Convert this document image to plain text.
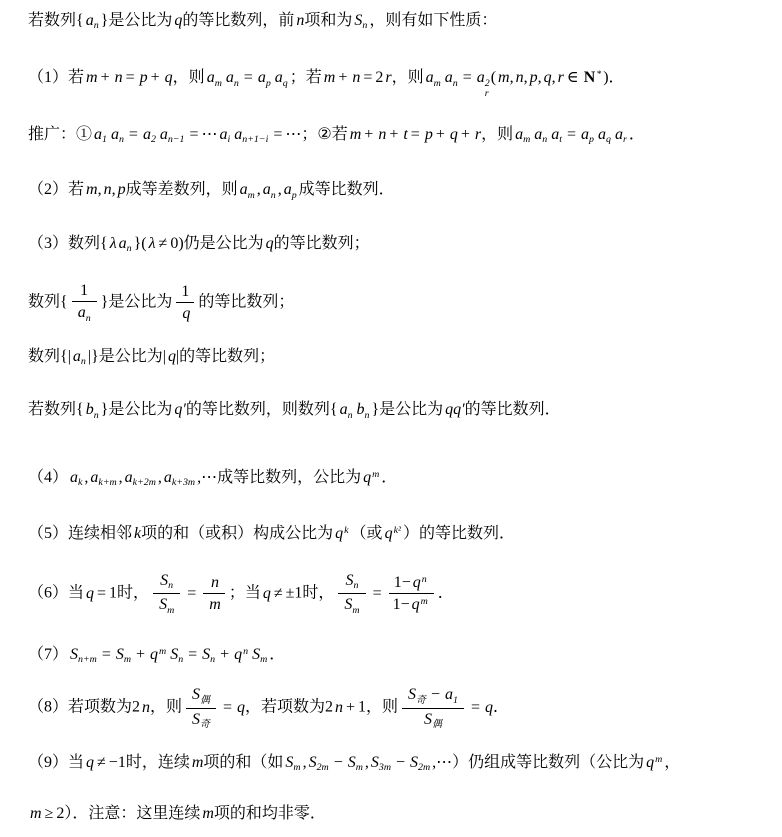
若数列{ $a_n$ }是公比为 q的等比数列，前 n项和为 $S_n$ ，则有如下性质：
（1）若 m + n = p + q，则 $a_m$ $a_n = a_p$ $a_q$ ；若 m + n = 2 r，则 $a_m$ $a_n = a$ 2
r
( m, n, p, q, r ∈ N* )．
推广：① $a_1$ $a_n = a_2$ $a_{n-1}$ = ⋯ $a_i$ $a_{n+1-i}$ = ⋯；②若 m + n + t = p + q + r，则 $a_m$ $a_n$ $a_t = a_p$ $a_q$ $a_r$ ．
（2）若 m, n, p成等差数列，则 $a_m$ , $a_n$ , $a_p$ 成等比数列．
（3）数列{ λ $a_n$ }( λ ≠ 0)仍是公比为 q的等比数列；
数列{ $\frac{1}{a_n}$ }是公比为 $\frac{1}{q}$ 的等比数列；
数列{| $a_n$ |}是公比为| q|的等比数列；
若数列{ $b_n$ }是公比为 q′的等比数列，则数列{ $a_n$ $b_n$ }是公比为 qq′的等比数列．
（4） $a_k$ , $a_{k+m}$ , $a_{k+2m}$ , $a_{k+3m}$ ,⋯成等比数列，公比为 $q^m$ ．
（5）连续相邻 k项的和（或积）构成公比为 $q^k$ （或 $q^{k^2}$ ）的等比数列．
（6）当 q = 1时， $\frac{S_n}{S_m} = \frac{n}{m}$ ；当 q ≠ ±1时， $\frac{S_n}{S_m} = \frac{1- q^n}{1- q^m}$ ．
（7） $S_{n+m} = S_m + q^m$ $S_n = S_n + q^n$ $S_m$ ．
（8）若项数为2 n，则 $\frac{S_偶}{S_奇} = q$，若项数为2 n + 1，则 $\frac{S_奇 - a_1}{S_偶} = q$．
（9）当 q ≠ −1时，连续 m项的和（如 $S_m$ , $S_{2m} - S_m$ , $S_{3m} - S_{2m}$ ,⋯）仍组成等比数列（公比为 $q^m$ ，
m ≥ 2）．注意：这里连续 m项的和均非零．
